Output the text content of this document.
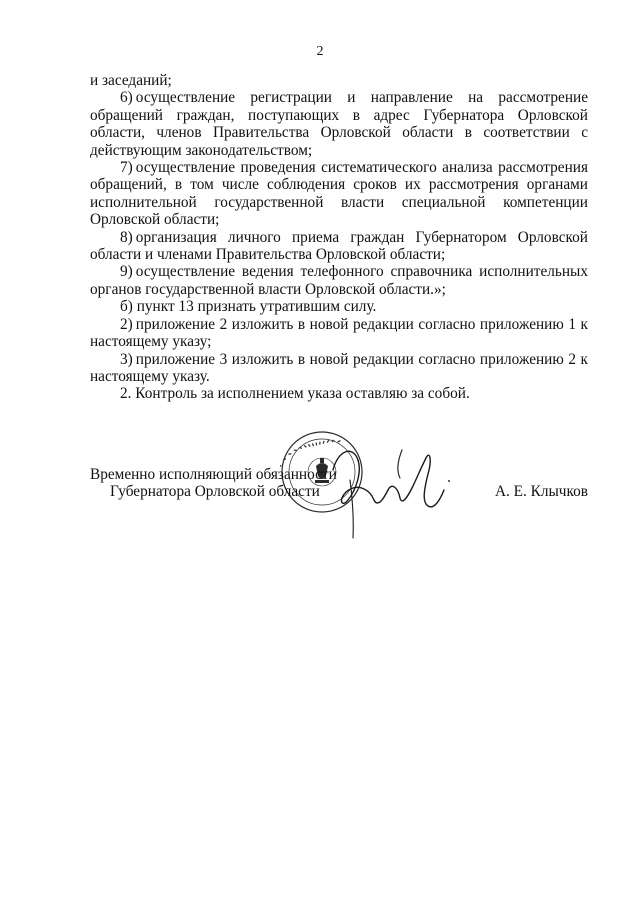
2

и заседаний;

6) осуществление регистрации и направление на рассмотрение обращений граждан, поступающих в адрес Губернатора Орловской области, членов Правительства Орловской области в соответствии с действующим законодательством;

7) осуществление проведения систематического анализа рассмотрения обращений, в том числе соблюдения сроков их рассмотрения органами исполнительной государственной власти специальной компетенции Орловской области;

8) организация личного приема граждан Губернатором Орловской области и членами Правительства Орловской области;

9) осуществление ведения телефонного справочника исполнительных органов государственной власти Орловской области.»;

б) пункт 13 признать утратившим силу.

2) приложение 2 изложить в новой редакции согласно приложению 1 к настоящему указу;

3) приложение 3 изложить в новой редакции согласно приложению 2 к настоящему указу.

2. Контроль за исполнением указа оставляю за собой.

Временно исполняющий обязанности
Губернатора Орловской области	А. Е. Клычков
